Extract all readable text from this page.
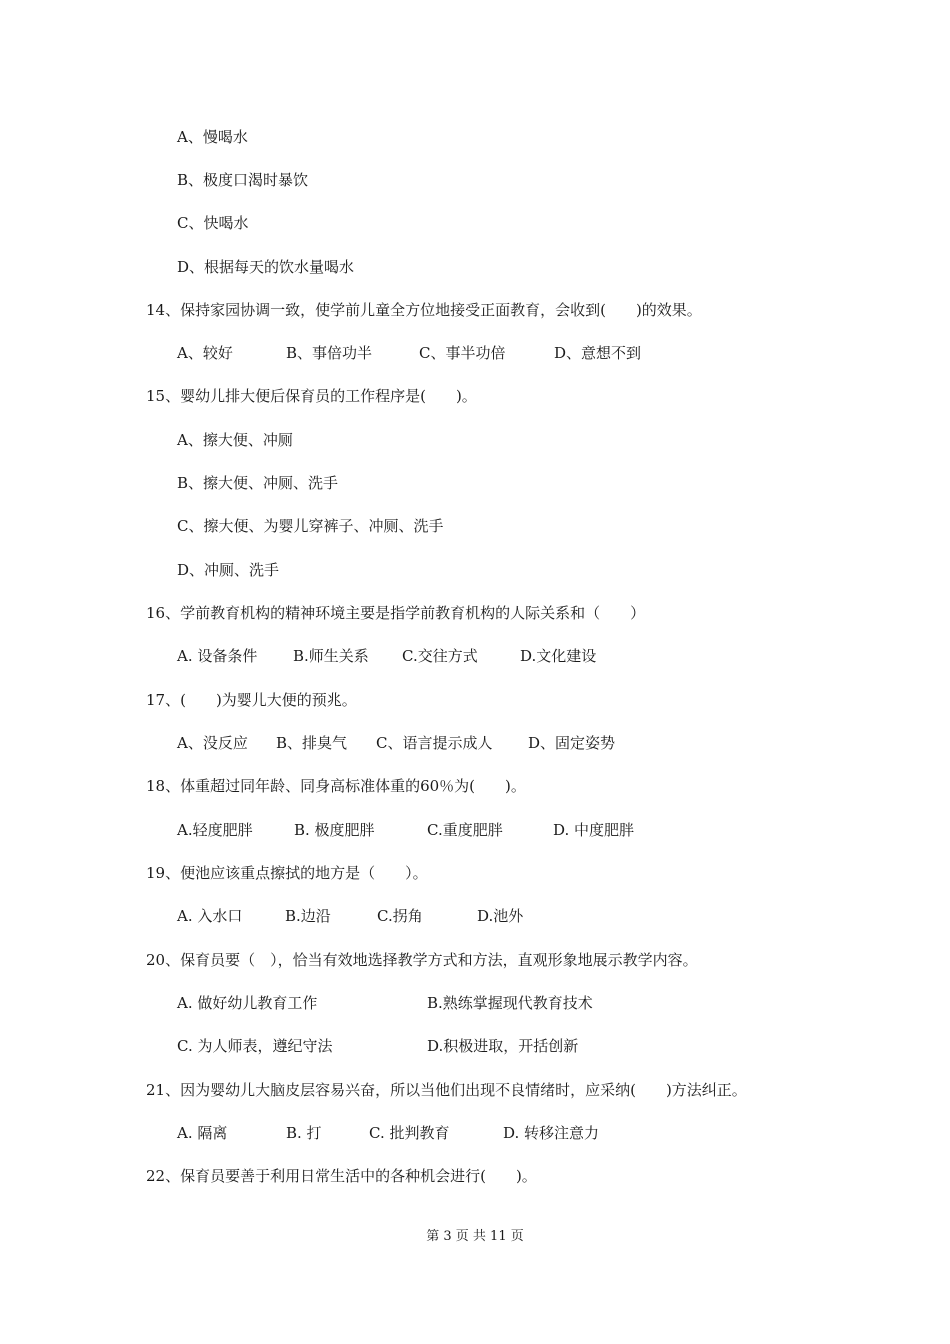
A、慢喝水
B、极度口渴时暴饮
C、快喝水
D、根据每天的饮水量喝水
14、保持家园协调一致，使学前儿童全方位地接受正面教育，会收到(　　)的效果。

A、较好

	B、事倍功半

	C、事半功倍

	D、意想不到

15、婴幼儿排大便后保育员的工作程序是(　　)。
A、擦大便、冲厕
B、擦大便、冲厕、洗手
C、擦大便、为婴儿穿裤子、冲厕、洗手
D、冲厕、洗手
16、学前教育机构的精神环境主要是指学前教育机构的人际关系和（　　）

A. 设备条件

B.师生关系

C.交往方式

	D.文化建设

17、(　　)为婴儿大便的预兆。

A、没反应

B、排臭气

C、语言提示成人

D、固定姿势

18、体重超过同年龄、同身高标准体重的60％为(　　)。

A.轻度肥胖

	B. 极度肥胖

	C.重度肥胖

	D. 中度肥胖

19、便池应该重点擦拭的地方是（　　）。

A. 入水口

	B.边沿

	C.拐角

	D.池外

20、保育员要（　），恰当有效地选择教学方式和方法，直观形象地展示教学内容。

A. 做好幼儿教育工作

	B.熟练掌握现代教育技术

C. 为人师表，遵纪守法

	D.积极进取，开括创新

21、因为婴幼儿大脑皮层容易兴奋，所以当他们出现不良情绪时，应采纳(　　)方法纠正。

A. 隔离

	B. 打

	C. 批判教育

	D. 转移注意力

22、保育员要善于利用日常生活中的各种机会进行(　　)。
第 3 页 共 11 页
